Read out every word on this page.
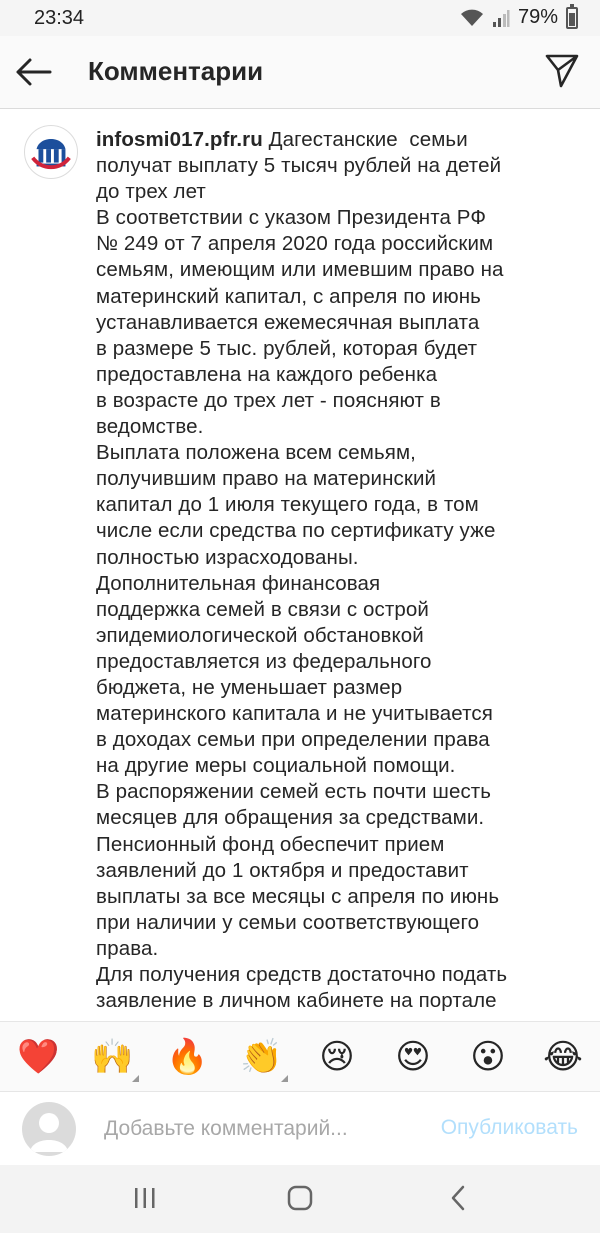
23:34	79%
Комментарии
infosmi017.pfr.ru Дагестанские  семьи
получат выплату 5 тысяч рублей на детей
до трех лет
В соответствии с указом Президента РФ
№ 249 от 7 апреля 2020 года российским
семьям, имеющим или имевшим право на
материнский капитал, с апреля по июнь
устанавливается ежемесячная выплата
в размере 5 тыс. рублей, которая будет
предоставлена на каждого ребенка
в возрасте до трех лет - поясняют в
ведомстве.
Выплата положена всем семьям,
получившим право на материнский
капитал до 1 июля текущего года, в том
числе если средства по сертификату уже
полностью израсходованы.
Дополнительная финансовая
поддержка семей в связи с острой
эпидемиологической обстановкой
предоставляется из федерального
бюджета, не уменьшает размер
материнского капитала и не учитывается
в доходах семьи при определении права
на другие меры социальной помощи.
В распоряжении семей есть почти шесть
месяцев для обращения за средствами.
Пенсионный фонд обеспечит прием
заявлений до 1 октября и предоставит
выплаты за все месяцы с апреля по июнь
при наличии у семьи соответствующего
права.
Для получения средств достаточно подать
заявление в личном кабинете на портале
❤️ 🙌 🔥 👏 😢 😍 😮 😂
Добавьте комментарий...
Опубликовать
